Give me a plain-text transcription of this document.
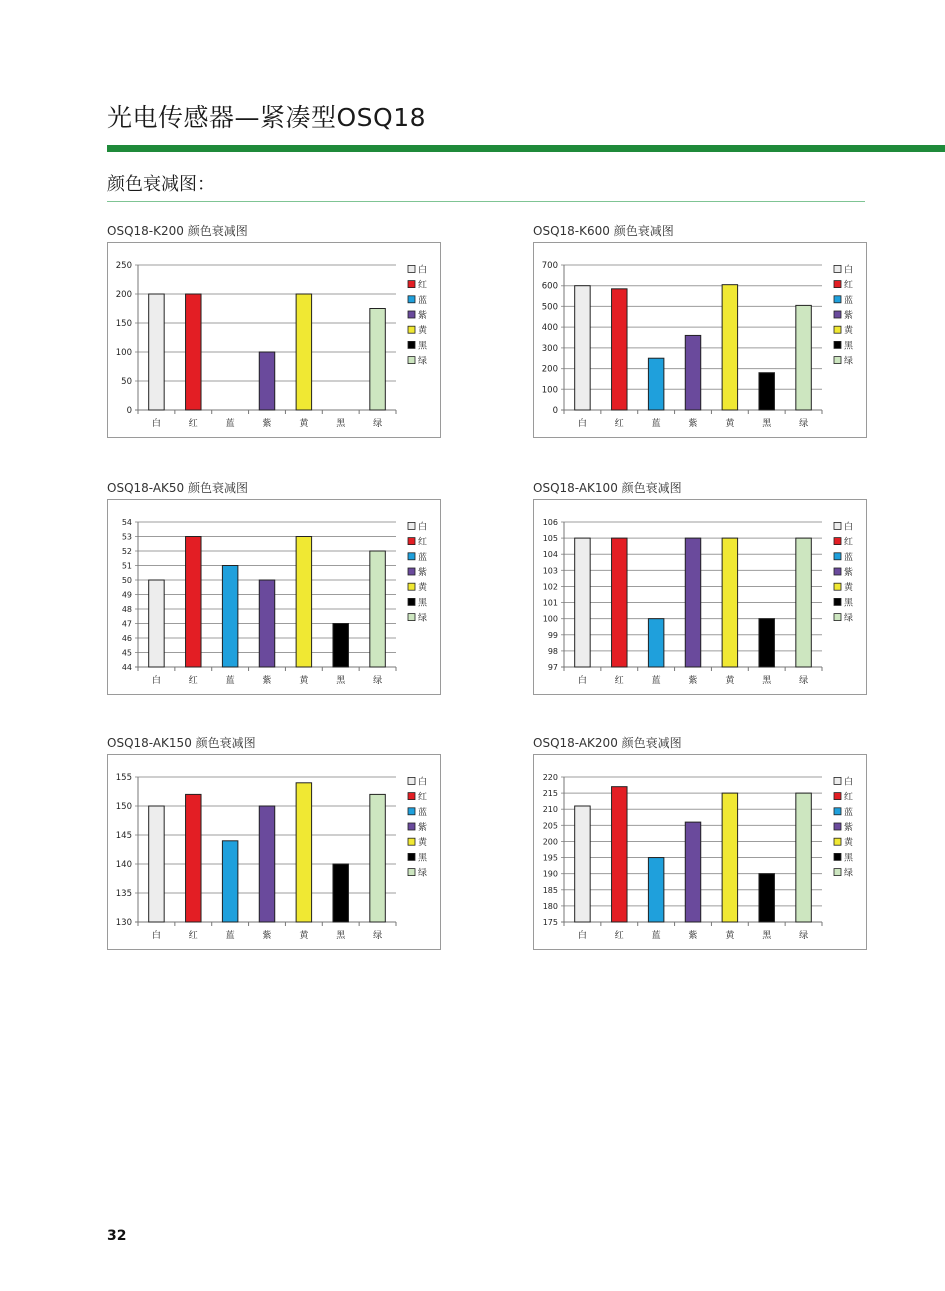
光电传感器—紧凑型OSQ18
颜色衰减图：
OSQ18-K200 颜色衰减图
0
50
100
150
200
250
白	红	蓝	紫	黄	黑	绿
白
红
蓝
紫
黄
黑
绿
OSQ18-K600 颜色衰减图
0
100
200
300
400
500
600
700
白	红	蓝	紫	黄	黑	绿
白
红
蓝
紫
黄
黑
绿
OSQ18-AK50 颜色衰减图
44
45
46
47
48
49
50
51
52
53
54
白	红	蓝	紫	黄	黑	绿
白
红
蓝
紫
黄
黑
绿
OSQ18-AK100 颜色衰减图
97
98
99
100
101
102
103
104
105
106
白	红	蓝	紫	黄	黑	绿
白
红
蓝
紫
黄
黑
绿
OSQ18-AK150 颜色衰减图
130
135
140
145
150
155
白	红	蓝	紫	黄	黑	绿
白
红
蓝
紫
黄
黑
绿
OSQ18-AK200 颜色衰减图
175
180
185
190
195
200
205
210
215
220
白	红	蓝	紫	黄	黑	绿
白
红
蓝
紫
黄
黑
绿
32
